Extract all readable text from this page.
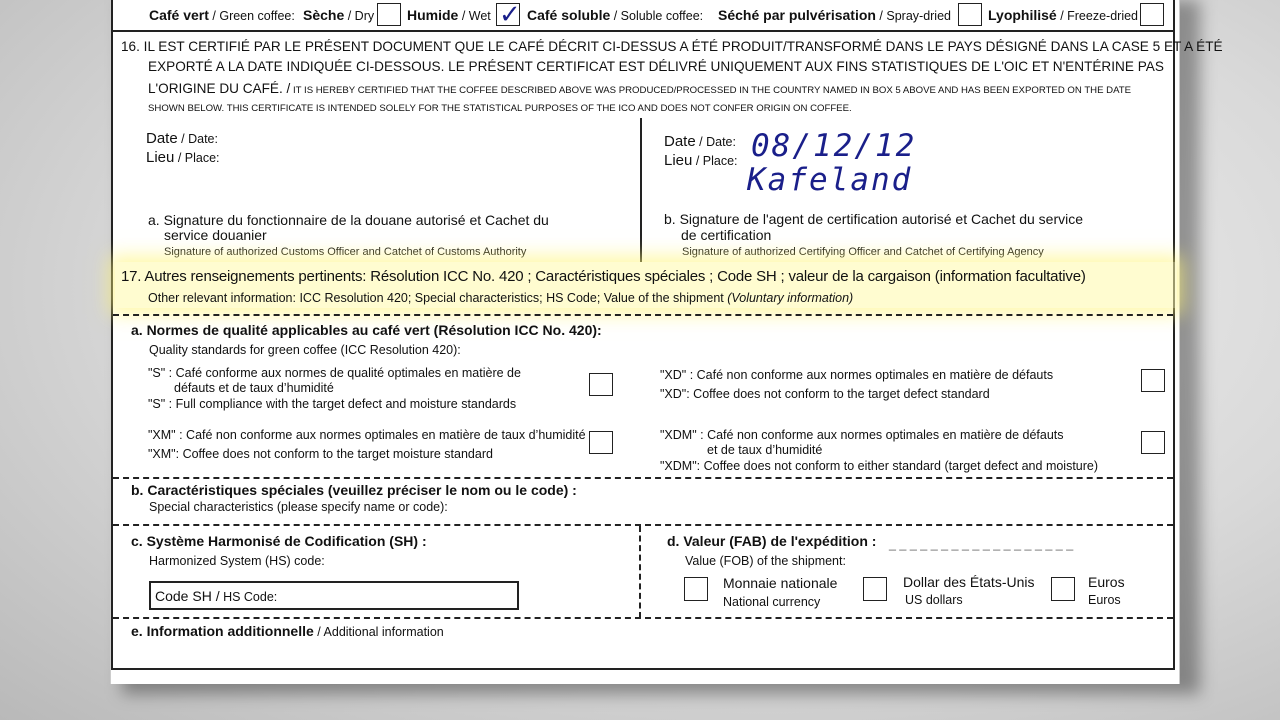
Café vert / Green coffee: Sèche / Dry Humide / Wet ✓ Café soluble / Soluble coffee: Séché par pulvérisation / Spray-dried	Lyophilisé / Freeze-dried
16. IL EST CERTIFIÉ PAR LE PRÉSENT DOCUMENT QUE LE CAFÉ DÉCRIT CI-DESSUS A ÉTÉ PRODUIT/TRANSFORMÉ DANS LE PAYS DÉSIGNÉ DANS LA CASE 5 ET A ÉTÉ
EXPORTÉ A LA DATE INDIQUÉE CI-DESSOUS. LE PRÉSENT CERTIFICAT EST DÉLIVRÉ UNIQUEMENT AUX FINS STATISTIQUES DE L'OIC ET N'ENTÉRINE PAS
L'ORIGINE DU CAFÉ. / IT IS HEREBY CERTIFIED THAT THE COFFEE DESCRIBED ABOVE WAS PRODUCED/PROCESSED IN THE COUNTRY NAMED IN BOX 5 ABOVE AND HAS BEEN EXPORTED ON THE DATE
SHOWN BELOW. THIS CERTIFICATE IS INTENDED SOLELY FOR THE STATISTICAL PURPOSES OF THE ICO AND DOES NOT CONFER ORIGIN ON COFFEE.
Date / Date:
Lieu / Place:
a. Signature du fonctionnaire de la douane autorisé et Cachet du
service douanier
Signature of authorized Customs Officer and Catchet of Customs Authority
Date / Date:
Lieu / Place: 08/12/12
Kafeland
b. Signature de l'agent de certification autorisé et Cachet du service
de certification
Signature of authorized Certifying Officer and Catchet of Certifying Agency
17. Autres renseignements pertinents: Résolution ICC No. 420 ; Caractéristiques spéciales ; Code SH ; valeur de la cargaison (information facultative)
Other relevant information: ICC Resolution 420; Special characteristics; HS Code; Value of the shipment (Voluntary information)
a. Normes de qualité applicables au café vert (Résolution ICC No. 420):
Quality standards for green coffee (ICC Resolution 420):
"S" : Café conforme aux normes de qualité optimales en matière de
défauts et de taux d’humidité
"S" : Full compliance with the target defect and moisture standards
"XM" : Café non conforme aux normes optimales en matière de taux d’humidité
"XM": Coffee does not conform to the target moisture standard
"XD" : Café non conforme aux normes optimales en matière de défauts
"XD": Coffee does not conform to the target defect standard
"XDM" : Café non conforme aux normes optimales en matière de défauts
et de taux d’humidité
"XDM": Coffee does not conform to either standard (target defect and moisture)
b. Caractéristiques spéciales (veuillez préciser le nom ou le code) :
Special characteristics (please specify name or code):
c. Système Harmonisé de Codification (SH) :
Harmonized System (HS) code:
Code SH / HS Code:
d. Valeur (FAB) de l'expédition : _ _ _ _ _ _ _ _ _ _ _ _ _ _ _ _ _ _
Value (FOB) of the shipment:
Monnaie nationale
National currency
Dollar des États-Unis
US dollars
Euros
Euros
e. Information additionnelle / Additional information
